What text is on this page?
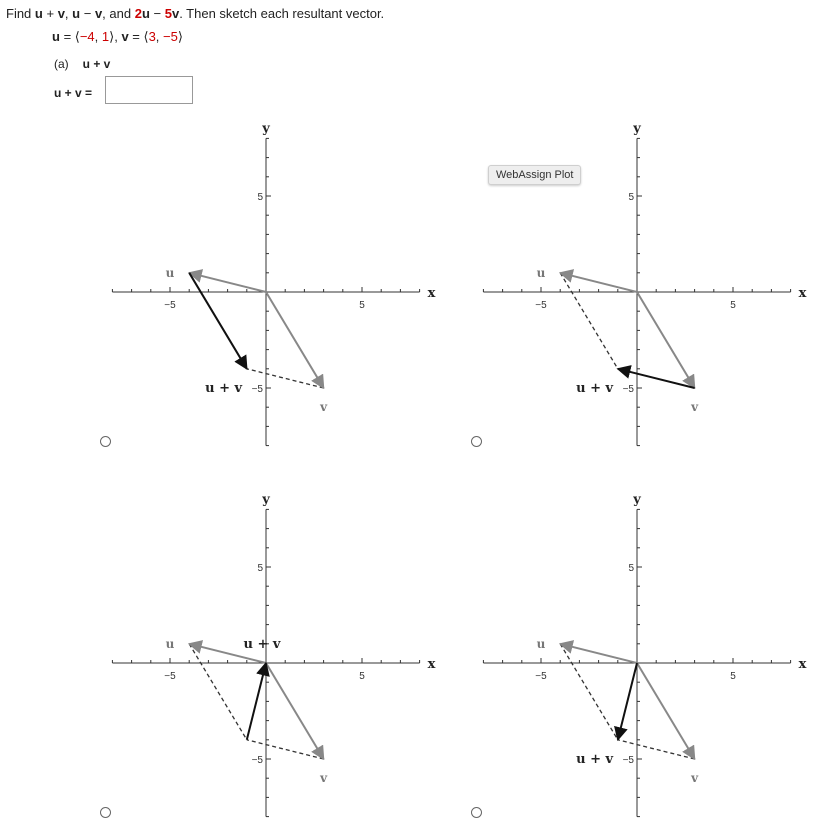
Find u + v, u − v, and 2u − 5v. Then sketch each resultant vector.
u = ⟨−4, 1⟩, v = ⟨3, −5⟩
(a) u + v
u + v =
−5	5
5
−5
x
y
u
v
u + v
−5	5
5
−5
x
y
u
v
u + v
−5	5
5
−5
x
y
u
v
u + v
−5	5
5
−5
x
y
u
v
u + v
WebAssign Plot
